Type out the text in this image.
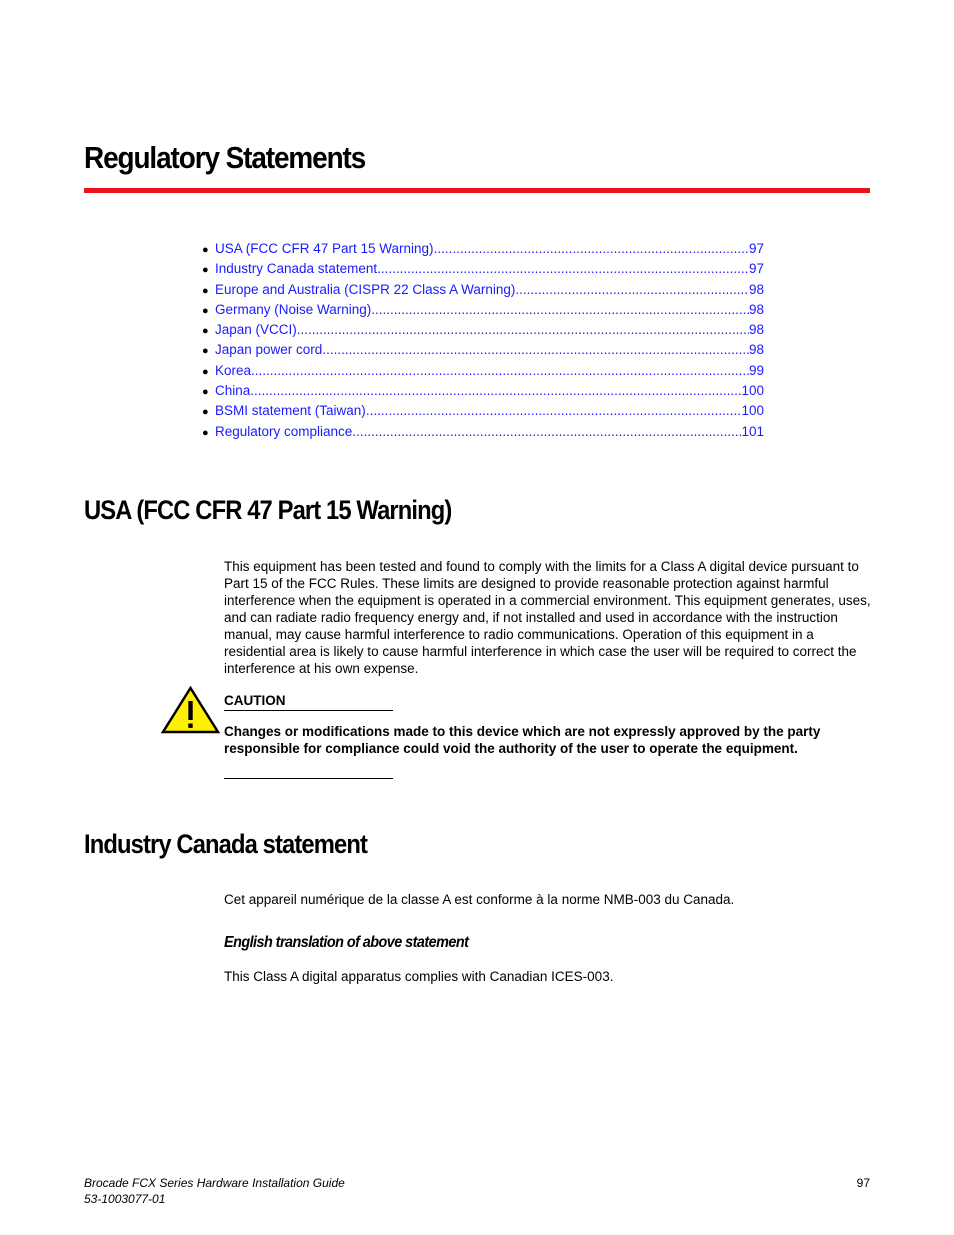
Regulatory Statements
● USA (FCC CFR 47 Part 15 Warning) .....	97
● Industry Canada statement .....	97
● Europe and Australia (CISPR 22 Class A Warning) .....	98
● Germany (Noise Warning) .....	98
● Japan (VCCI) .....	98
● Japan power cord .....	98
● Korea .....	99
● China .....	100
● BSMI statement (Taiwan) .....	100
● Regulatory compliance .....	101
USA (FCC CFR 47 Part 15 Warning)

This equipment has been tested and found to comply with the limits for a Class A digital device pursuant to Part 15 of the FCC Rules. These limits are designed to provide reasonable protection against harmful interference when the equipment is operated in a commercial environment. This equipment generates, uses, and can radiate radio frequency energy and, if not installed and used in accordance with the instruction manual, may cause harmful interference to radio communications. Operation of this equipment in a residential area is likely to cause harmful interference in which case the user will be required to correct the interference at his own expense.

CAUTION

Changes or modifications made to this device which are not expressly approved by the party responsible for compliance could void the authority of the user to operate the equipment.

Industry Canada statement

Cet appareil numérique de la classe A est conforme à la norme NMB-003 du Canada.

English translation of above statement

This Class A digital apparatus complies with Canadian ICES-003.

Brocade FCX Series Hardware Installation Guide

53-1003077-01

97
